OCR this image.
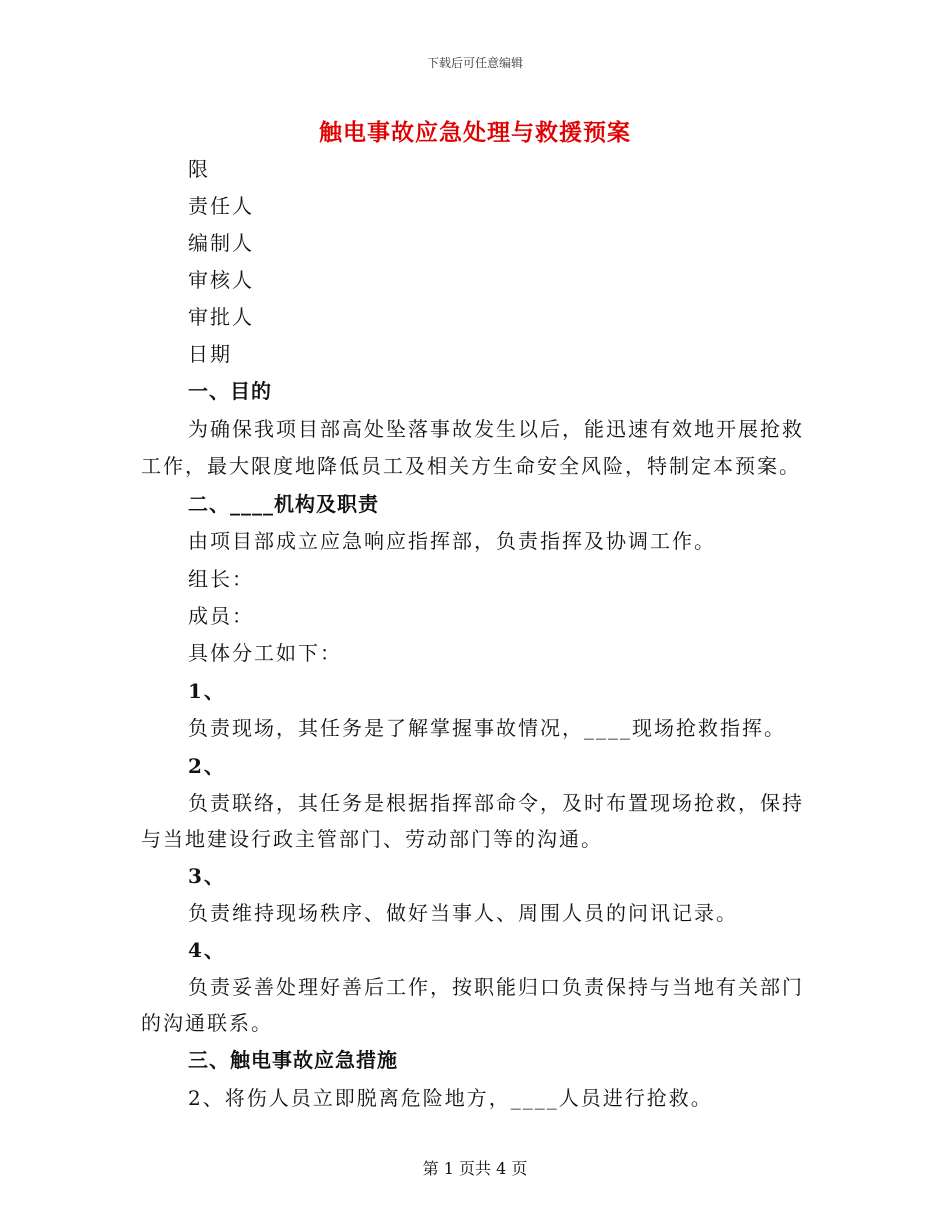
下载后可任意编辑
触电事故应急处理与救援预案
限
责任人
编制人
审核人
审批人
日期
一、目的
为确保我项目部高处坠落事故发生以后，能迅速有效地开展抢救
工作，最大限度地降低员工及相关方生命安全风险，特制定本预案。
二、____机构及职责
由项目部成立应急响应指挥部，负责指挥及协调工作。
组长：
成员：
具体分工如下：
1、
负责现场，其任务是了解掌握事故情况，____现场抢救指挥。
2、
负责联络，其任务是根据指挥部命令，及时布置现场抢救，保持
与当地建设行政主管部门、劳动部门等的沟通。
3、
负责维持现场秩序、做好当事人、周围人员的问讯记录。
4、
负责妥善处理好善后工作，按职能归口负责保持与当地有关部门
的沟通联系。
三、触电事故应急措施
2、将伤人员立即脱离危险地方，____人员进行抢救。
第 1 页共 4 页
